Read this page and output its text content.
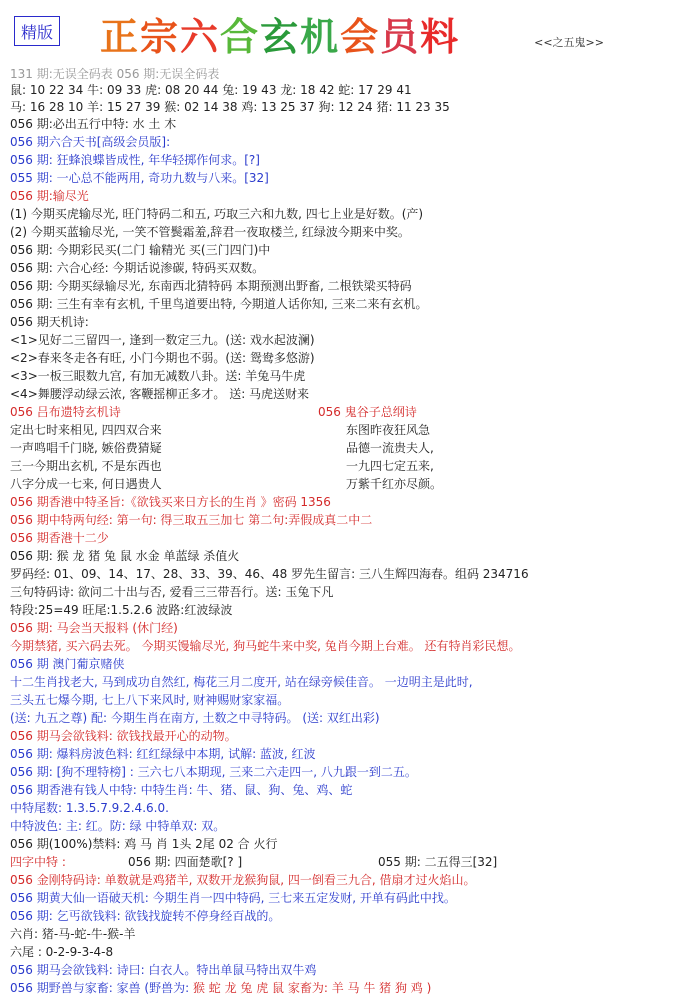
精版 正宗六合玄机会员料	<<之五鬼>>
131 期:无误全码表 056 期:无误全码表
鼠: 10 22 34 牛: 09 33 虎: 08 20 44 兔: 19 43 龙: 18 42 蛇: 17 29 41
马: 16 28 10 羊: 15 27 39 猴: 02 14 38 鸡: 13 25 37 狗: 12 24 猪: 11 23 35
056 期:必出五行中特: 水 土 木
056 期六合天书[高级会员版]:
056 期: 狂蜂浪蝶皆成性, 年华轻掷作何求。[?]
055 期: 一心总不能两用, 奇功九数与八来。[32]
056 期:输尽光
(1) 今期买虎输尽光, 旺门特码二和五, 巧取三六和九数, 四七上业是好数。(产)
(2) 今期买蓝输尽光, 一笑不管鬓霜羞,辞君一夜取楼兰, 红绿波今期来中奖。
056 期: 今期彩民买(二门 输精光 买(三门四门)中
056 期: 六合心经: 今期话说渗碳, 特码买双数。
056 期: 今期买绿输尽光, 东南西北猜特码 本期预测出野畜, 二根铁梁买特码
056 期: 三生有幸有玄机, 千里鸟道要出特, 今期道人话你知, 三来二来有玄机。
056 期天机诗:
<1>见好二三留四一, 逢到一数定三九。(送: 戏水起波澜)
<2>春来冬走各有旺, 小门今期也不弱。(送: 鸳鸯多悠游)
<3>一板三眼数九宫, 有加无减数八卦。送: 羊兔马牛虎
<4>舞腰浮动绿云浓, 客鞭摇柳正多才。 送: 马虎送财来
056 吕布遗特玄机诗	056 鬼谷子总纲诗
定出七时来相见, 四四双合来	东图昨夜狂风急
一声鸣唱千门晓, 嫉俗费猜疑	品德一流贵夫人,
三一今期出玄机, 不是东西也	一九四七定五来,
八字分成一七来, 何日遇贵人	万紫千红亦尽颜。
056 期香港中特圣旨:《欲钱买来日方长的生肖 》密码 1356
056 期中特两句经: 第一句: 得三取五三加七 第二句:弄假成真二中二
056 期香港十二少
056 期: 猴 龙 猪 兔 鼠 水金 单蓝绿 杀值火
罗码经: 01、09、14、17、28、33、39、46、48 罗先生留言: 三八生辉四海春。组码 234716
三句特码诗: 欲问二十出与否, 爱看三三带吾行。送: 玉兔下凡
特段:25=49 旺尾:1.5.2.6 波路:红波绿波
056 期: 马会当天报料 (休门经)
今期禁猪, 买六码去死。 今期买馒输尽光, 狗马蛇牛来中奖, 兔肖今期上台难。 还有特肖彩民想。
056 期 澳门葡京赌侠
十二生肖找老大, 马到成功自然红, 梅花三月二度开, 站在绿旁候佳音。 一边明主是此时,
三头五七爆今期, 七上八下来风时, 财神赐财家家福。
(送: 九五之尊) 配: 今期生肖在南方, 土数之中寻特码。 (送: 双红出彩)
056 期马会欲钱料: 欲钱找最开心的动物。
056 期: 爆料房波色料: 红红绿绿中本期, 试解: 蓝波, 红波
056 期: [狗不理特榜] : 三六七八本期现, 三来二六走四一, 八九跟一到二五。
056 期香港有钱人中特: 中特生肖: 牛、猪、鼠、狗、兔、鸡、蛇
中特尾数: 1.3.5.7.9.2.4.6.0.
中特波色: 主: 红。防: 绿 中特单双: 双。
056 期(100%)禁料: 鸡 马 肖 1头 2尾 02 合 火行
四字中特 :	056 期: 四面楚歌[? ]	055 期: 二五得三[32]
056 金刚特码诗: 单数就是鸡猪羊, 双数开龙猴狗鼠, 四一倒看三九合, 借扇才过火焰山。
056 期黄大仙一语破天机: 今期生肖一四中特码, 三七来五定发财, 开单有码此中找。
056 期: 乞丐欲钱料: 欲钱找旋转不停身经百战的。
六肖: 猪-马-蛇-牛-猴-羊
六尾 : 0-2-9-3-4-8
056 期马会欲钱料: 诗曰: 白衣人。特出单鼠马特出双牛鸡
056 期野兽与家畜: 家兽 (野兽为: 猴 蛇 龙 兔 虎 鼠 家畜为: 羊 马 牛 猪 狗 鸡 )
